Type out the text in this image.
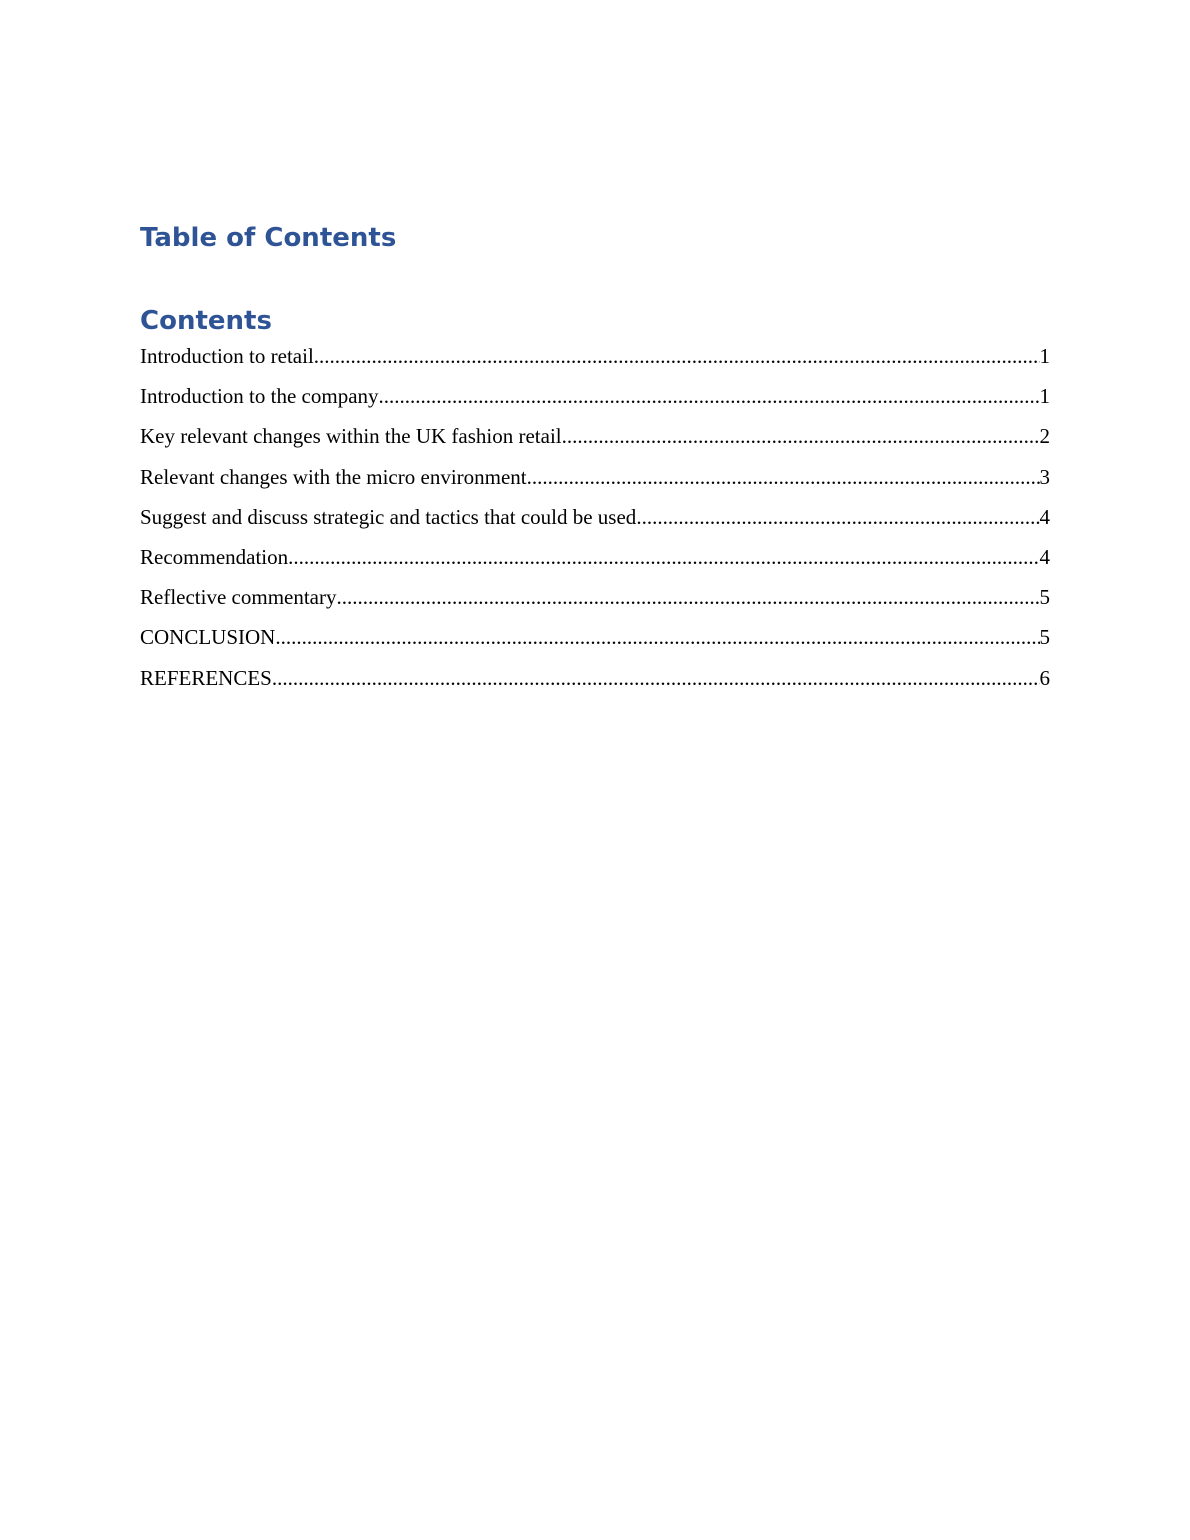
Table of Contents
Contents
Introduction to retail .....	1
Introduction to the company .....	1
Key relevant changes within the UK fashion retail .....	2
Relevant changes with the micro environment .....	3
Suggest and discuss strategic and tactics that could be used .....	4
Recommendation .....	4
Reflective commentary .....	5
CONCLUSION .....	5
REFERENCES .....	6
